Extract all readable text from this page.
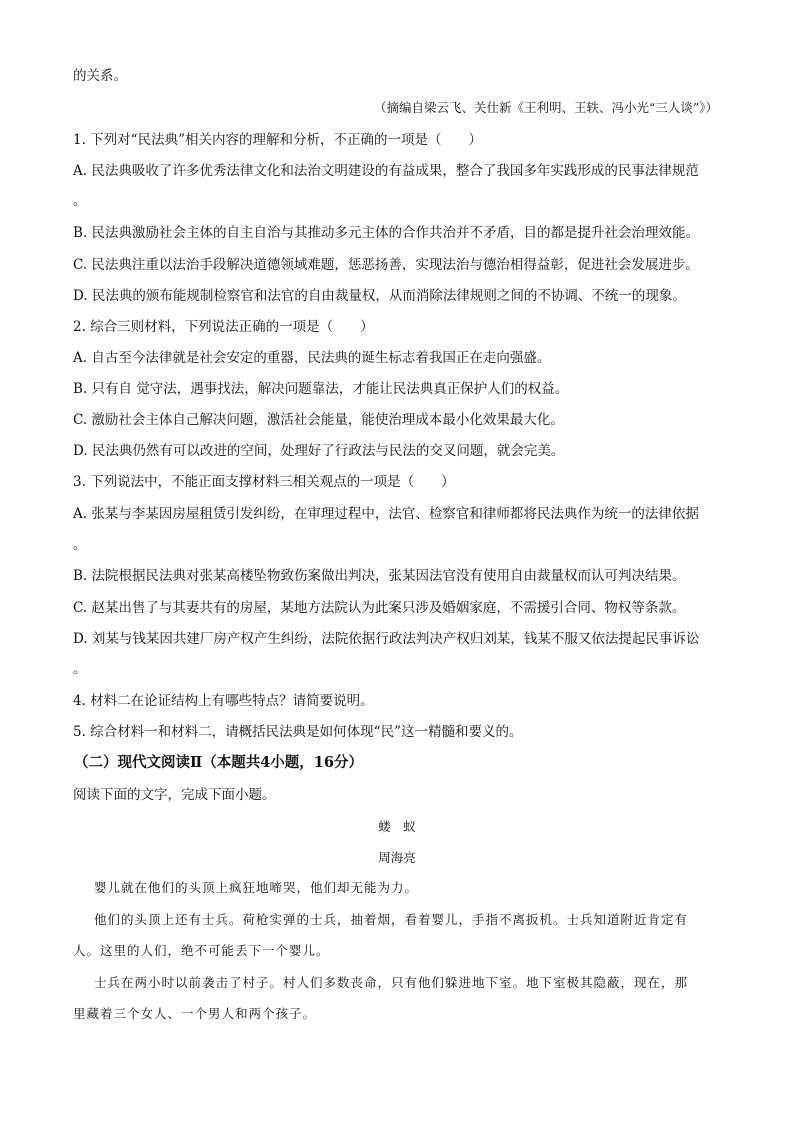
的关系。
（摘编自梁云飞、关仕新《王利明、王轶、冯小光“三人谈”》）
1. 下列对“民法典”相关内容的理解和分析，不正确的一项是（　　）
A. 民法典吸收了许多优秀法律文化和法治文明建设的有益成果，整合了我国多年实践形成的民事法律规范
。
B. 民法典激励社会主体的自主自治与其推动多元主体的合作共治并不矛盾，目的都是提升社会治理效能。
C. 民法典注重以法治手段解决道德领域难题，惩恶扬善，实现法治与德治相得益彰，促进社会发展进步。
D. 民法典的颁布能规制检察官和法官的自由裁量权，从而消除法律规则之间的不协调、不统一的现象。
2. 综合三则材料，下列说法正确的一项是（　　）
A. 自古至今法律就是社会安定的重器，民法典的诞生标志着我国正在走向强盛。
B. 只有自 觉守法，遇事找法，解决问题靠法，才能让民法典真正保护人们的权益。
C. 激励社会主体自己解决问题，激活社会能量，能使治理成本最小化效果最大化。
D. 民法典仍然有可以改进的空间，处理好了行政法与民法的交叉问题，就会完美。
3. 下列说法中，不能正面支撑材料三相关观点的一项是（　　）
A. 张某与李某因房屋租赁引发纠纷，在审理过程中，法官、检察官和律师都将民法典作为统一的法律依据
。
B. 法院根据民法典对张某高楼坠物致伤案做出判决，张某因法官没有使用自由裁量权而认可判决结果。
C. 赵某出售了与其妻共有的房屋，某地方法院认为此案只涉及婚姻家庭，不需援引合同、物权等条款。
D. 刘某与钱某因共建厂房产权产生纠纷，法院依据行政法判决产权归刘某，钱某不服又依法提起民事诉讼
。
4. 材料二在论证结构上有哪些特点？请简要说明。
5. 综合材料一和材料二，请概括民法典是如何体现“民”这一精髓和要义的。
（二）现代文阅读Ⅱ（本题共4小题，16分）
阅读下面的文字，完成下面小题。
蝼　蚁
周海亮
婴儿就在他们的头顶上疯狂地啼哭，他们却无能为力。
他们的头顶上还有士兵。荷枪实弹的士兵，抽着烟，看着婴儿，手指不离扳机。士兵知道附近肯定有
人。这里的人们，绝不可能丢下一个婴儿。
士兵在两小时以前袭击了村子。村人们多数丧命，只有他们躲进地下室。地下室极其隐蔽，现在，那
里藏着三个女人、一个男人和两个孩子。
